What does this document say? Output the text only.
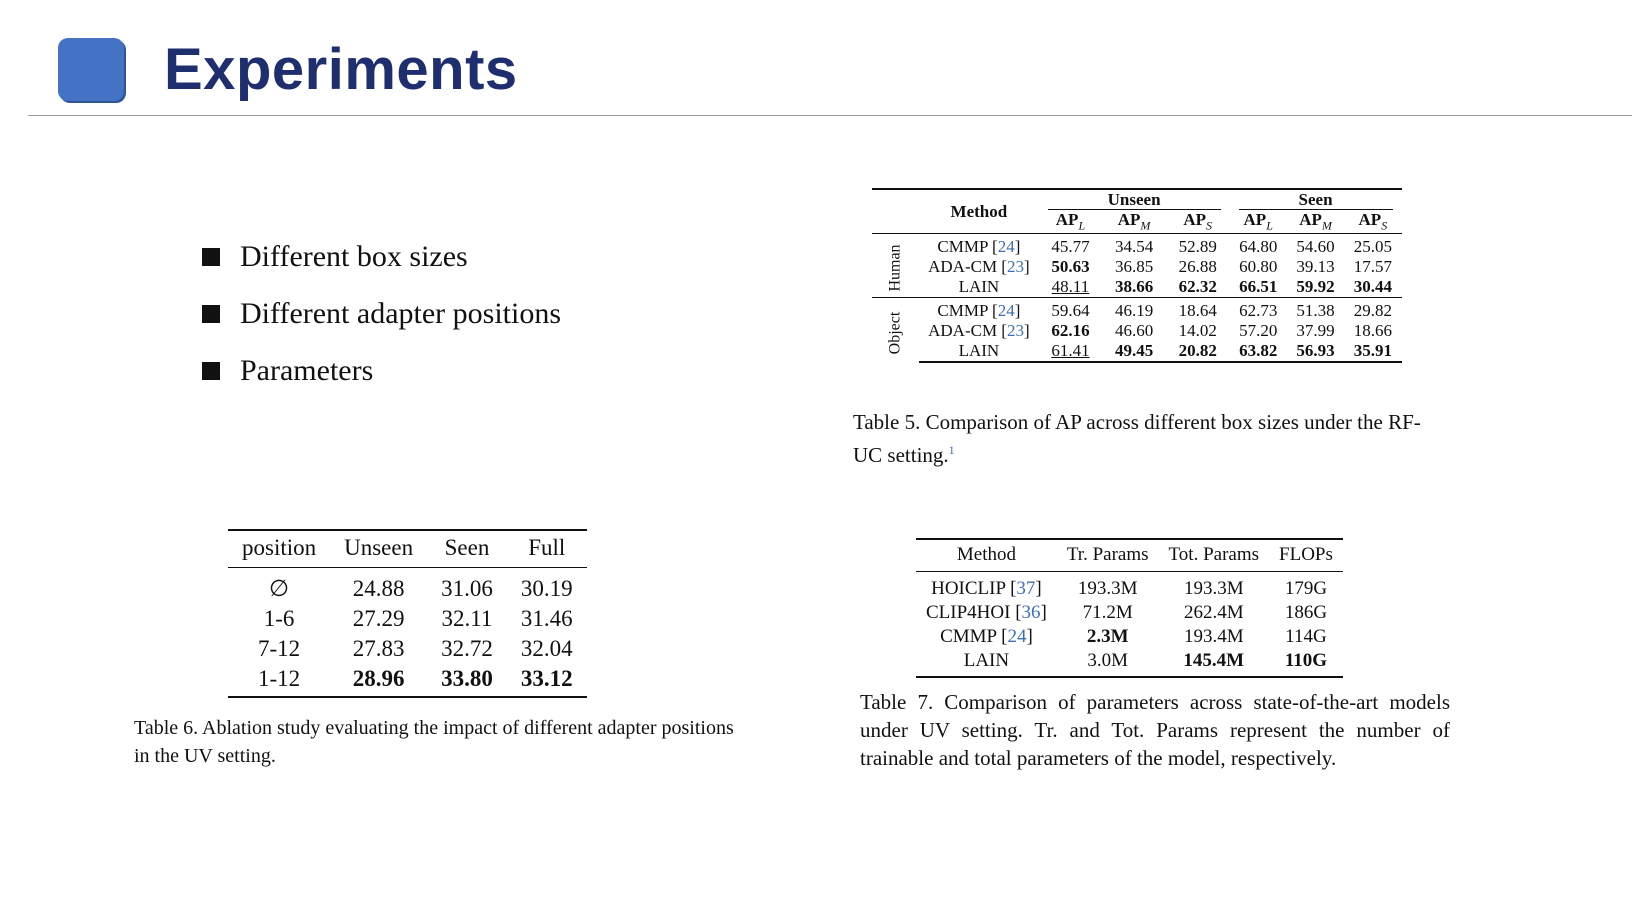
Experiments
Different box sizes
Different adapter positions
Parameters
	Method	Unseen			Seen		
		$AP_L$	$AP_M$	$AP_S$	$AP_L$	$AP_M$	$AP_S$
Human	CMMP [24]	45.77	34.54	52.89	64.80	54.60	25.05
	ADA-CM [23]	50.63	36.85	26.88	60.80	39.13	17.57
	LAIN	48.11	38.66	62.32	66.51	59.92	30.44
Object	CMMP [24]	59.64	46.19	18.64	62.73	51.38	29.82
	ADA-CM [23]	62.16	46.60	14.02	57.20	37.99	18.66
	LAIN	61.41	49.45	20.82	63.82	56.93	35.91
Table 5. Comparison of AP across different box sizes under the RF-UC setting.$^1$
position	Unseen	Seen	Full
∅	24.88	31.06	30.19
1-6	27.29	32.11	31.46
7-12	27.83	32.72	32.04
1-12	28.96	33.80	33.12
Table 6. Ablation study evaluating the impact of different adapter positions in the UV setting.
Method	Tr. Params	Tot. Params	FLOPs
HOICLIP [37]	193.3M	193.3M	179G
CLIP4HOI [36]	71.2M	262.4M	186G
CMMP [24]	2.3M	193.4M	114G
LAIN	3.0M	145.4M	110G
Table 7. Comparison of parameters across state-of-the-art models under UV setting. Tr. and Tot. Params represent the number of trainable and total parameters of the model, respectively.
